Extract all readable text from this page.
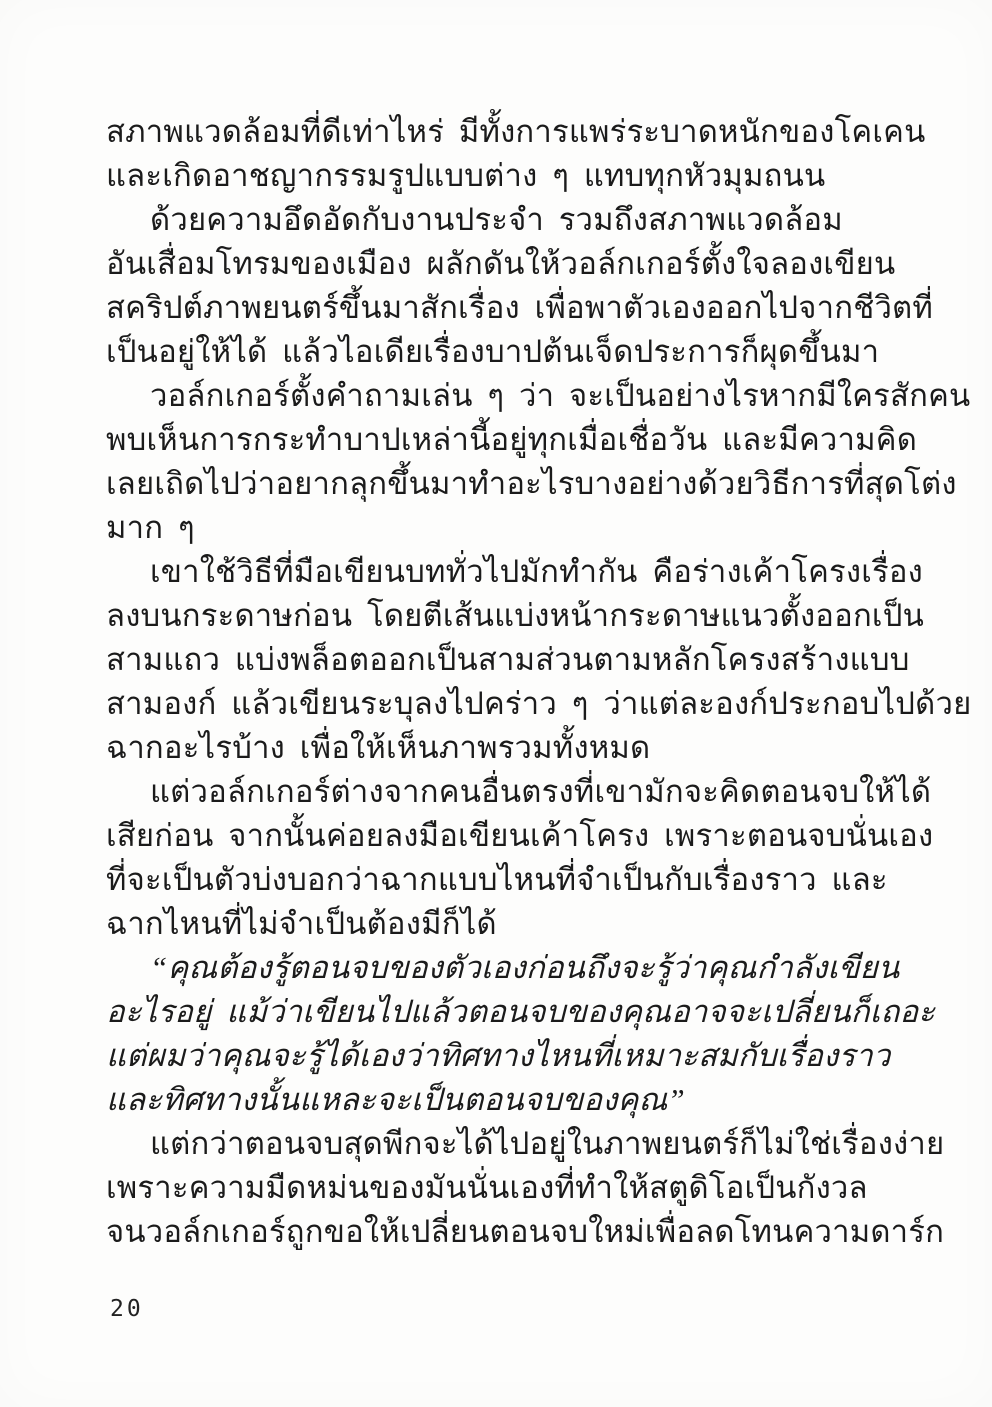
สภาพแวดล้อมที่ดีเท่าไหร่ มีทั้งการแพร่ระบาดหนักของโคเคน
และเกิดอาชญากรรมรูปแบบต่าง ๆ แทบทุกหัวมุมถนน
ด้วยความอึดอัดกับงานประจำ รวมถึงสภาพแวดล้อม
อันเสื่อมโทรมของเมือง ผลักดันให้วอล์กเกอร์ตั้งใจลองเขียน
สคริปต์ภาพยนตร์ขึ้นมาสักเรื่อง เพื่อพาตัวเองออกไปจากชีวิตที่
เป็นอยู่ให้ได้ แล้วไอเดียเรื่องบาปต้นเจ็ดประการก็ผุดขึ้นมา
วอล์กเกอร์ตั้งคำถามเล่น ๆ ว่า จะเป็นอย่างไรหากมีใครสักคน
พบเห็นการกระทำบาปเหล่านี้อยู่ทุกเมื่อเชื่อวัน และมีความคิด
เลยเถิดไปว่าอยากลุกขึ้นมาทำอะไรบางอย่างด้วยวิธีการที่สุดโต่ง
มาก ๆ
เขาใช้วิธีที่มือเขียนบททั่วไปมักทำกัน คือร่างเค้าโครงเรื่อง
ลงบนกระดาษก่อน โดยตีเส้นแบ่งหน้ากระดาษแนวตั้งออกเป็น
สามแถว แบ่งพล็อตออกเป็นสามส่วนตามหลักโครงสร้างแบบ
สามองก์ แล้วเขียนระบุลงไปคร่าว ๆ ว่าแต่ละองก์ประกอบไปด้วย
ฉากอะไรบ้าง เพื่อให้เห็นภาพรวมทั้งหมด
แต่วอล์กเกอร์ต่างจากคนอื่นตรงที่เขามักจะคิดตอนจบให้ได้
เสียก่อน จากนั้นค่อยลงมือเขียนเค้าโครง เพราะตอนจบนั่นเอง
ที่จะเป็นตัวบ่งบอกว่าฉากแบบไหนที่จำเป็นกับเรื่องราว และ
ฉากไหนที่ไม่จำเป็นต้องมีก็ได้
“คุณต้องรู้ตอนจบของตัวเองก่อนถึงจะรู้ว่าคุณกำลังเขียน
อะไรอยู่ แม้ว่าเขียนไปแล้วตอนจบของคุณอาจจะเปลี่ยนก็เถอะ
แต่ผมว่าคุณจะรู้ได้เองว่าทิศทางไหนที่เหมาะสมกับเรื่องราว
และทิศทางนั้นแหละจะเป็นตอนจบของคุณ”
แต่กว่าตอนจบสุดพีกจะได้ไปอยู่ในภาพยนตร์ก็ไม่ใช่เรื่องง่าย
เพราะความมืดหม่นของมันนั่นเองที่ทำให้สตูดิโอเป็นกังวล
จนวอล์กเกอร์ถูกขอให้เปลี่ยนตอนจบใหม่เพื่อลดโทนความดาร์ก
20
